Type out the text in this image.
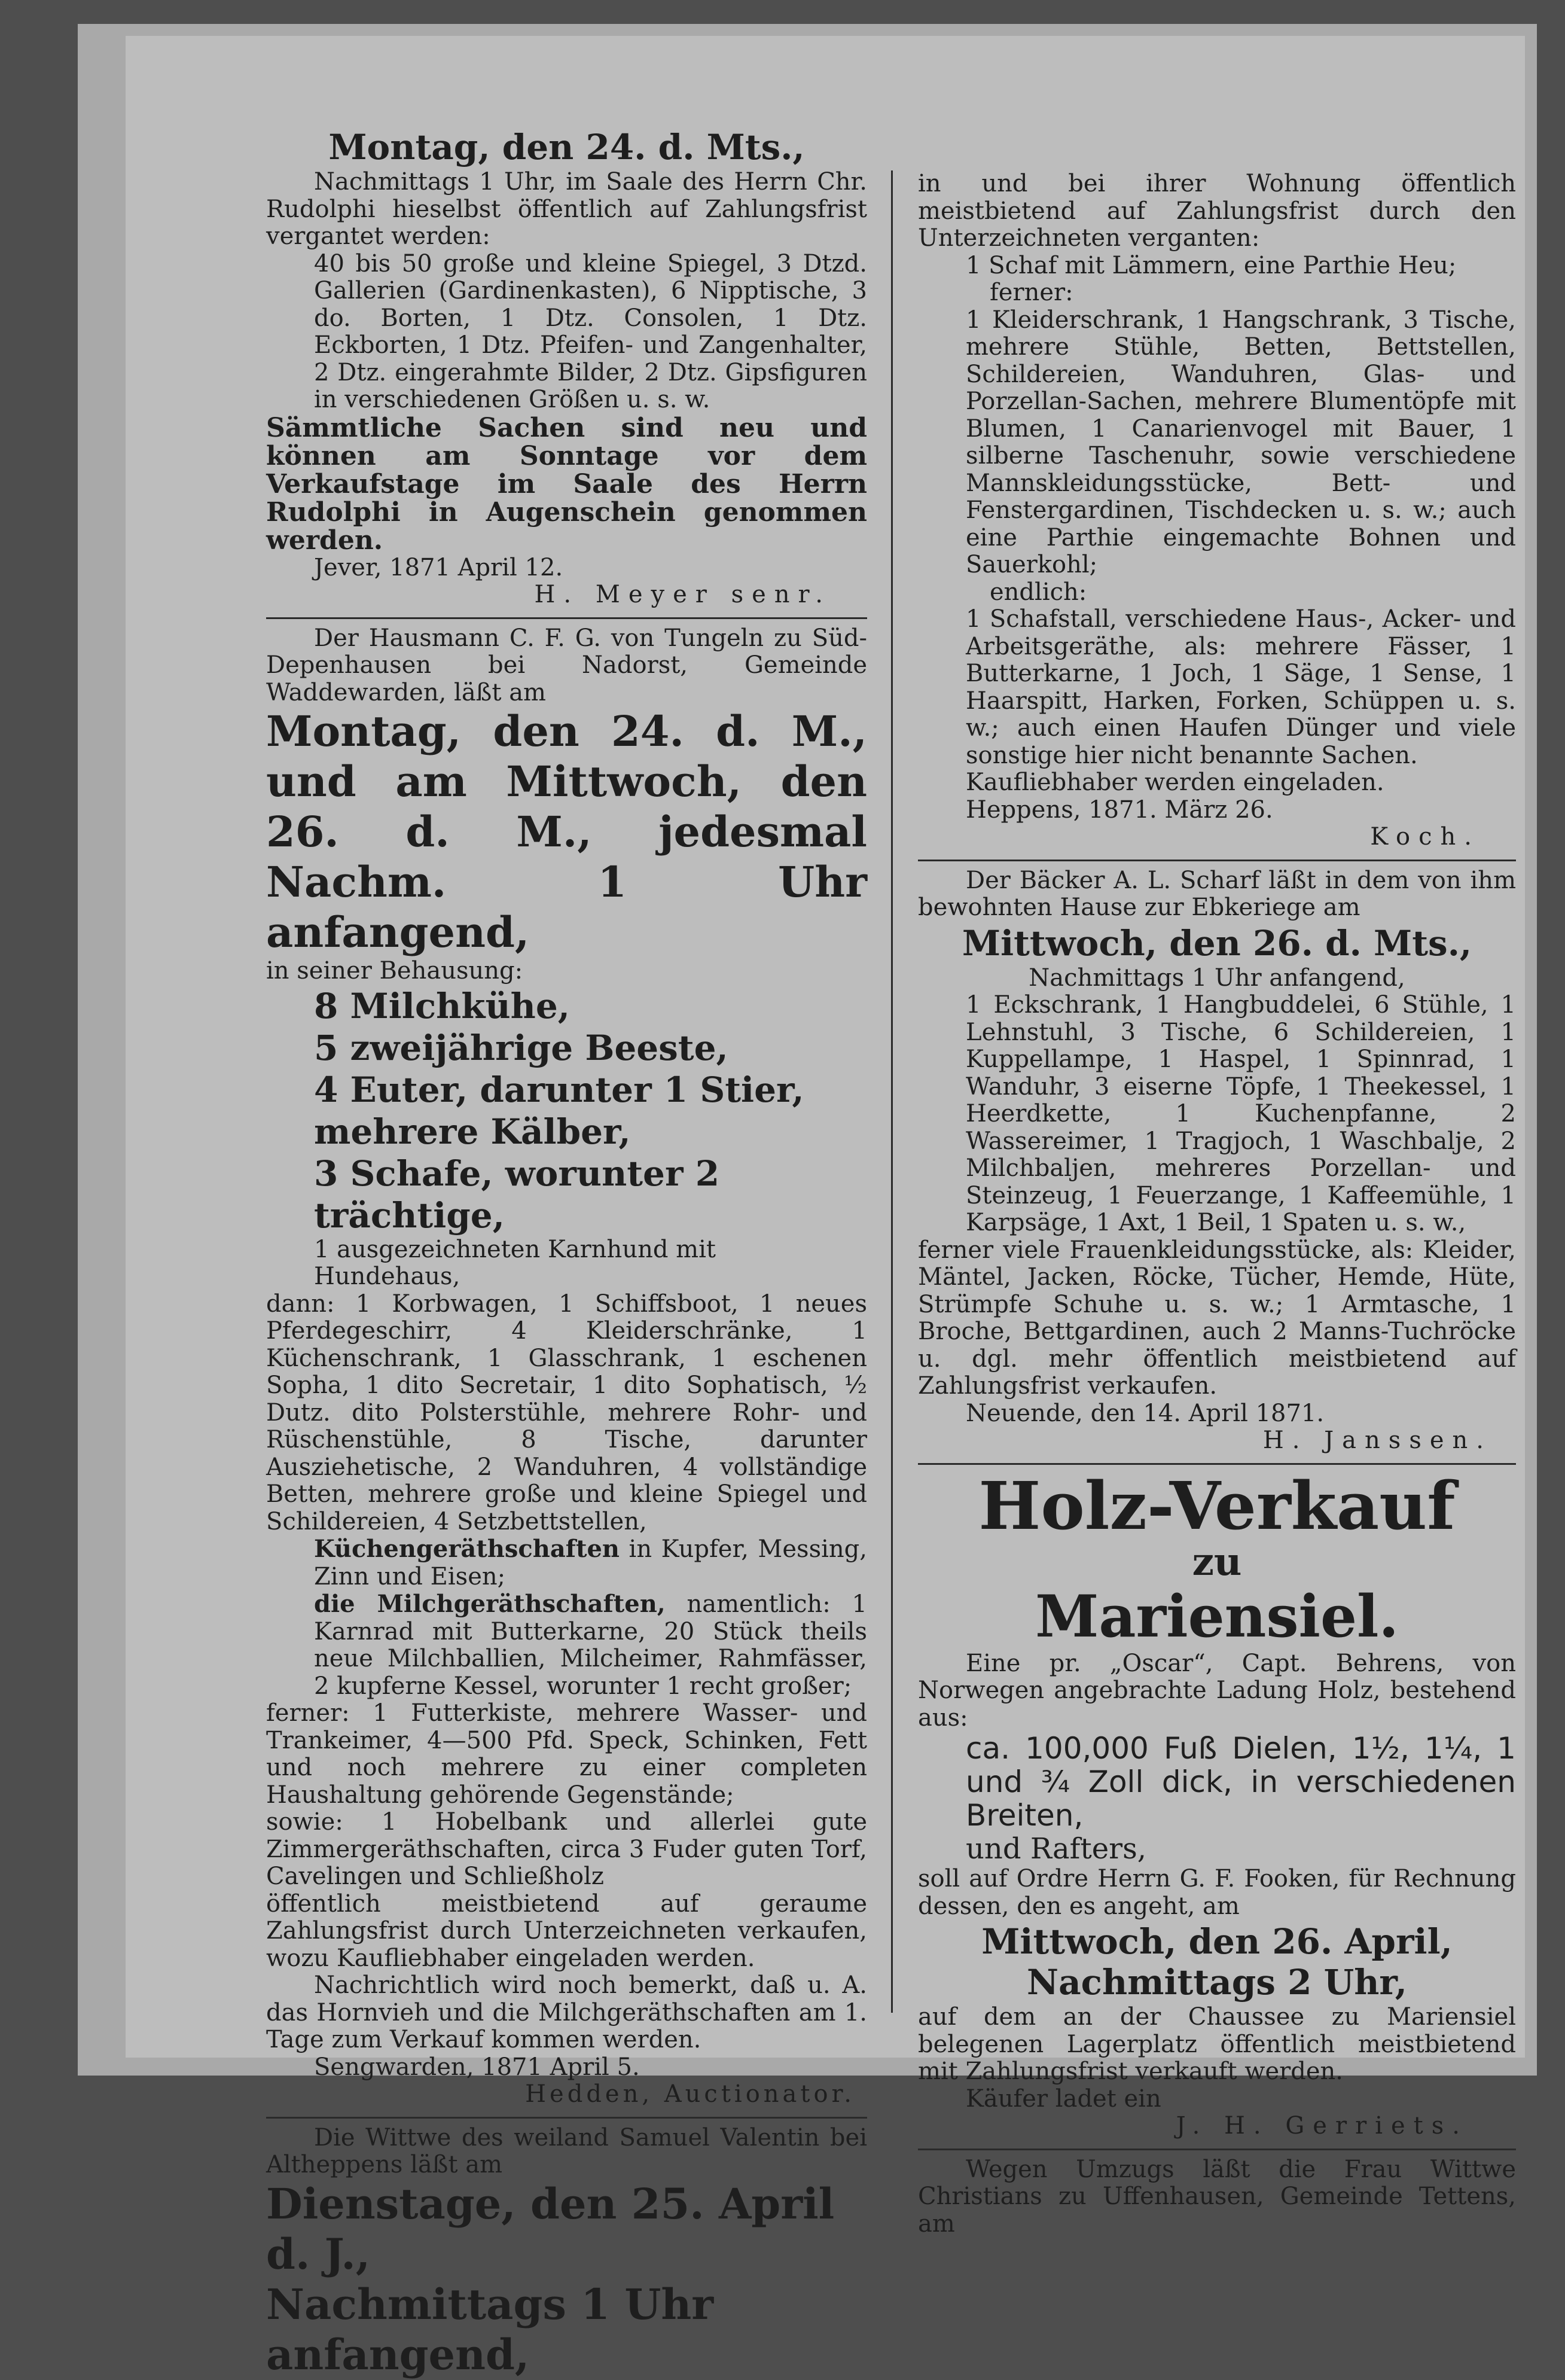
Montag, den 24. d. Mts.,

Nachmittags 1 Uhr, im Saale des Herrn Chr. Rudolphi hieselbst öffentlich auf Zahlungsfrist vergantet werden:

40 bis 50 große und kleine Spiegel, 3 Dtzd. Gallerien (Gardinenkasten), 6 Nipptische, 3 do. Borten, 1 Dtz. Consolen, 1 Dtz. Eckborten, 1 Dtz. Pfeifen- und Zangenhalter, 2 Dtz. eingerahmte Bilder, 2 Dtz. Gipsfiguren in verschiedenen Größen u. s. w.

Sämmtliche Sachen sind neu und können am Sonntage vor dem Verkaufstage im Saale des Herrn Rudolphi in Augenschein genommen werden.

Jever, 1871 April 12.

H. Meyer senr.

Der Hausmann C. F. G. von Tungeln zu Süd-Depenhausen bei Nadorst, Gemeinde Waddewarden, läßt am

Montag, den 24. d. M., und am Mittwoch, den 26. d. M., jedesmal Nachm. 1 Uhr anfangend,

in seiner Behausung:

8 Milchkühe,

5 zweijährige Beeste,

4 Euter, darunter 1 Stier,

mehrere Kälber,

3 Schafe, worunter 2 trächtige,

1 ausgezeichneten Karnhund mit Hundehaus,

dann: 1 Korbwagen, 1 Schiffsboot, 1 neues Pferdegeschirr, 4 Kleiderschränke, 1 Küchenschrank, 1 Glasschrank, 1 eschenen Sopha, 1 dito Secretair, 1 dito Sophatisch, ½ Dutz. dito Polsterstühle, mehrere Rohr- und Rüschenstühle, 8 Tische, darunter Ausziehetische, 2 Wanduhren, 4 vollständige Betten, mehrere große und kleine Spiegel und Schildereien, 4 Setzbettstellen,

Küchengeräthschaften in Kupfer, Messing, Zinn und Eisen;

die Milchgeräthschaften, namentlich: 1 Karnrad mit Butterkarne, 20 Stück theils neue Milchballien, Milcheimer, Rahmfässer, 2 kupferne Kessel, worunter 1 recht großer;

ferner: 1 Futterkiste, mehrere Wasser- und Trankeimer, 4—500 Pfd. Speck, Schinken, Fett und noch mehrere zu einer completen Haushaltung gehörende Gegenstände;

sowie: 1 Hobelbank und allerlei gute Zimmergeräthschaften, circa 3 Fuder guten Torf, Cavelingen und Schließholz

öffentlich meistbietend auf geraume Zahlungsfrist durch Unterzeichneten verkaufen, wozu Kaufliebhaber eingeladen werden.

Nachrichtlich wird noch bemerkt, daß u. A. das Hornvieh und die Milchgeräthschaften am 1. Tage zum Verkauf kommen werden.

Sengwarden, 1871 April 5.

Hedden, Auctionator.

Die Wittwe des weiland Samuel Valentin bei Altheppens läßt am

Dienstage, den 25. April d. J.,

Nachmittags 1 Uhr anfangend,

in und bei ihrer Wohnung öffentlich meistbietend auf Zahlungsfrist durch den Unterzeichneten verganten:

1 Schaf mit Lämmern, eine Parthie Heu;

ferner:

1 Kleiderschrank, 1 Hangschrank, 3 Tische, mehrere Stühle, Betten, Bettstellen, Schildereien, Wanduhren, Glas- und Porzellan-Sachen, mehrere Blumentöpfe mit Blumen, 1 Canarienvogel mit Bauer, 1 silberne Taschenuhr, sowie verschiedene Mannskleidungsstücke, Bett- und Fenstergardinen, Tischdecken u. s. w.; auch eine Parthie eingemachte Bohnen und Sauerkohl;

endlich:

1 Schafstall, verschiedene Haus-, Acker- und Arbeitsgeräthe, als: mehrere Fässer, 1 Butterkarne, 1 Joch, 1 Säge, 1 Sense, 1 Haarspitt, Harken, Forken, Schüppen u. s. w.; auch einen Haufen Dünger und viele sonstige hier nicht benannte Sachen.

Kaufliebhaber werden eingeladen.

Heppens, 1871. März 26.

Koch.

Der Bäcker A. L. Scharf läßt in dem von ihm bewohnten Hause zur Ebkeriege am

Mittwoch, den 26. d. Mts.,

Nachmittags 1 Uhr anfangend,

1 Eckschrank, 1 Hangbuddelei, 6 Stühle, 1 Lehnstuhl, 3 Tische, 6 Schildereien, 1 Kuppellampe, 1 Haspel, 1 Spinnrad, 1 Wanduhr, 3 eiserne Töpfe, 1 Theekessel, 1 Heerdkette, 1 Kuchenpfanne, 2 Wassereimer, 1 Tragjoch, 1 Waschbalje, 2 Milchbaljen, mehreres Porzellan- und Steinzeug, 1 Feuerzange, 1 Kaffeemühle, 1 Karpsäge, 1 Axt, 1 Beil, 1 Spaten u. s. w.,

ferner viele Frauenkleidungsstücke, als: Kleider, Mäntel, Jacken, Röcke, Tücher, Hemde, Hüte, Strümpfe Schuhe u. s. w.; 1 Armtasche, 1 Broche, Bettgardinen, auch 2 Manns-Tuchröcke u. dgl. mehr öffentlich meistbietend auf Zahlungsfrist verkaufen.

Neuende, den 14. April 1871.

H. Janssen.

Holz-Verkauf

zu

Mariensiel.

Eine pr. „Oscar“, Capt. Behrens, von Norwegen angebrachte Ladung Holz, bestehend aus:

ca. 100,000 Fuß Dielen, 1½, 1¼, 1 und ¾ Zoll dick, in verschiedenen Breiten,

und Rafters,

soll auf Ordre Herrn G. F. Fooken, für Rechnung dessen, den es angeht, am

Mittwoch, den 26. April,

Nachmittags 2 Uhr,

auf dem an der Chaussee zu Mariensiel belegenen Lagerplatz öffentlich meistbietend mit Zahlungsfrist verkauft werden.

Käufer ladet ein

J. H. Gerriets.

Wegen Umzugs läßt die Frau Wittwe Christians zu Uffenhausen, Gemeinde Tettens, am
